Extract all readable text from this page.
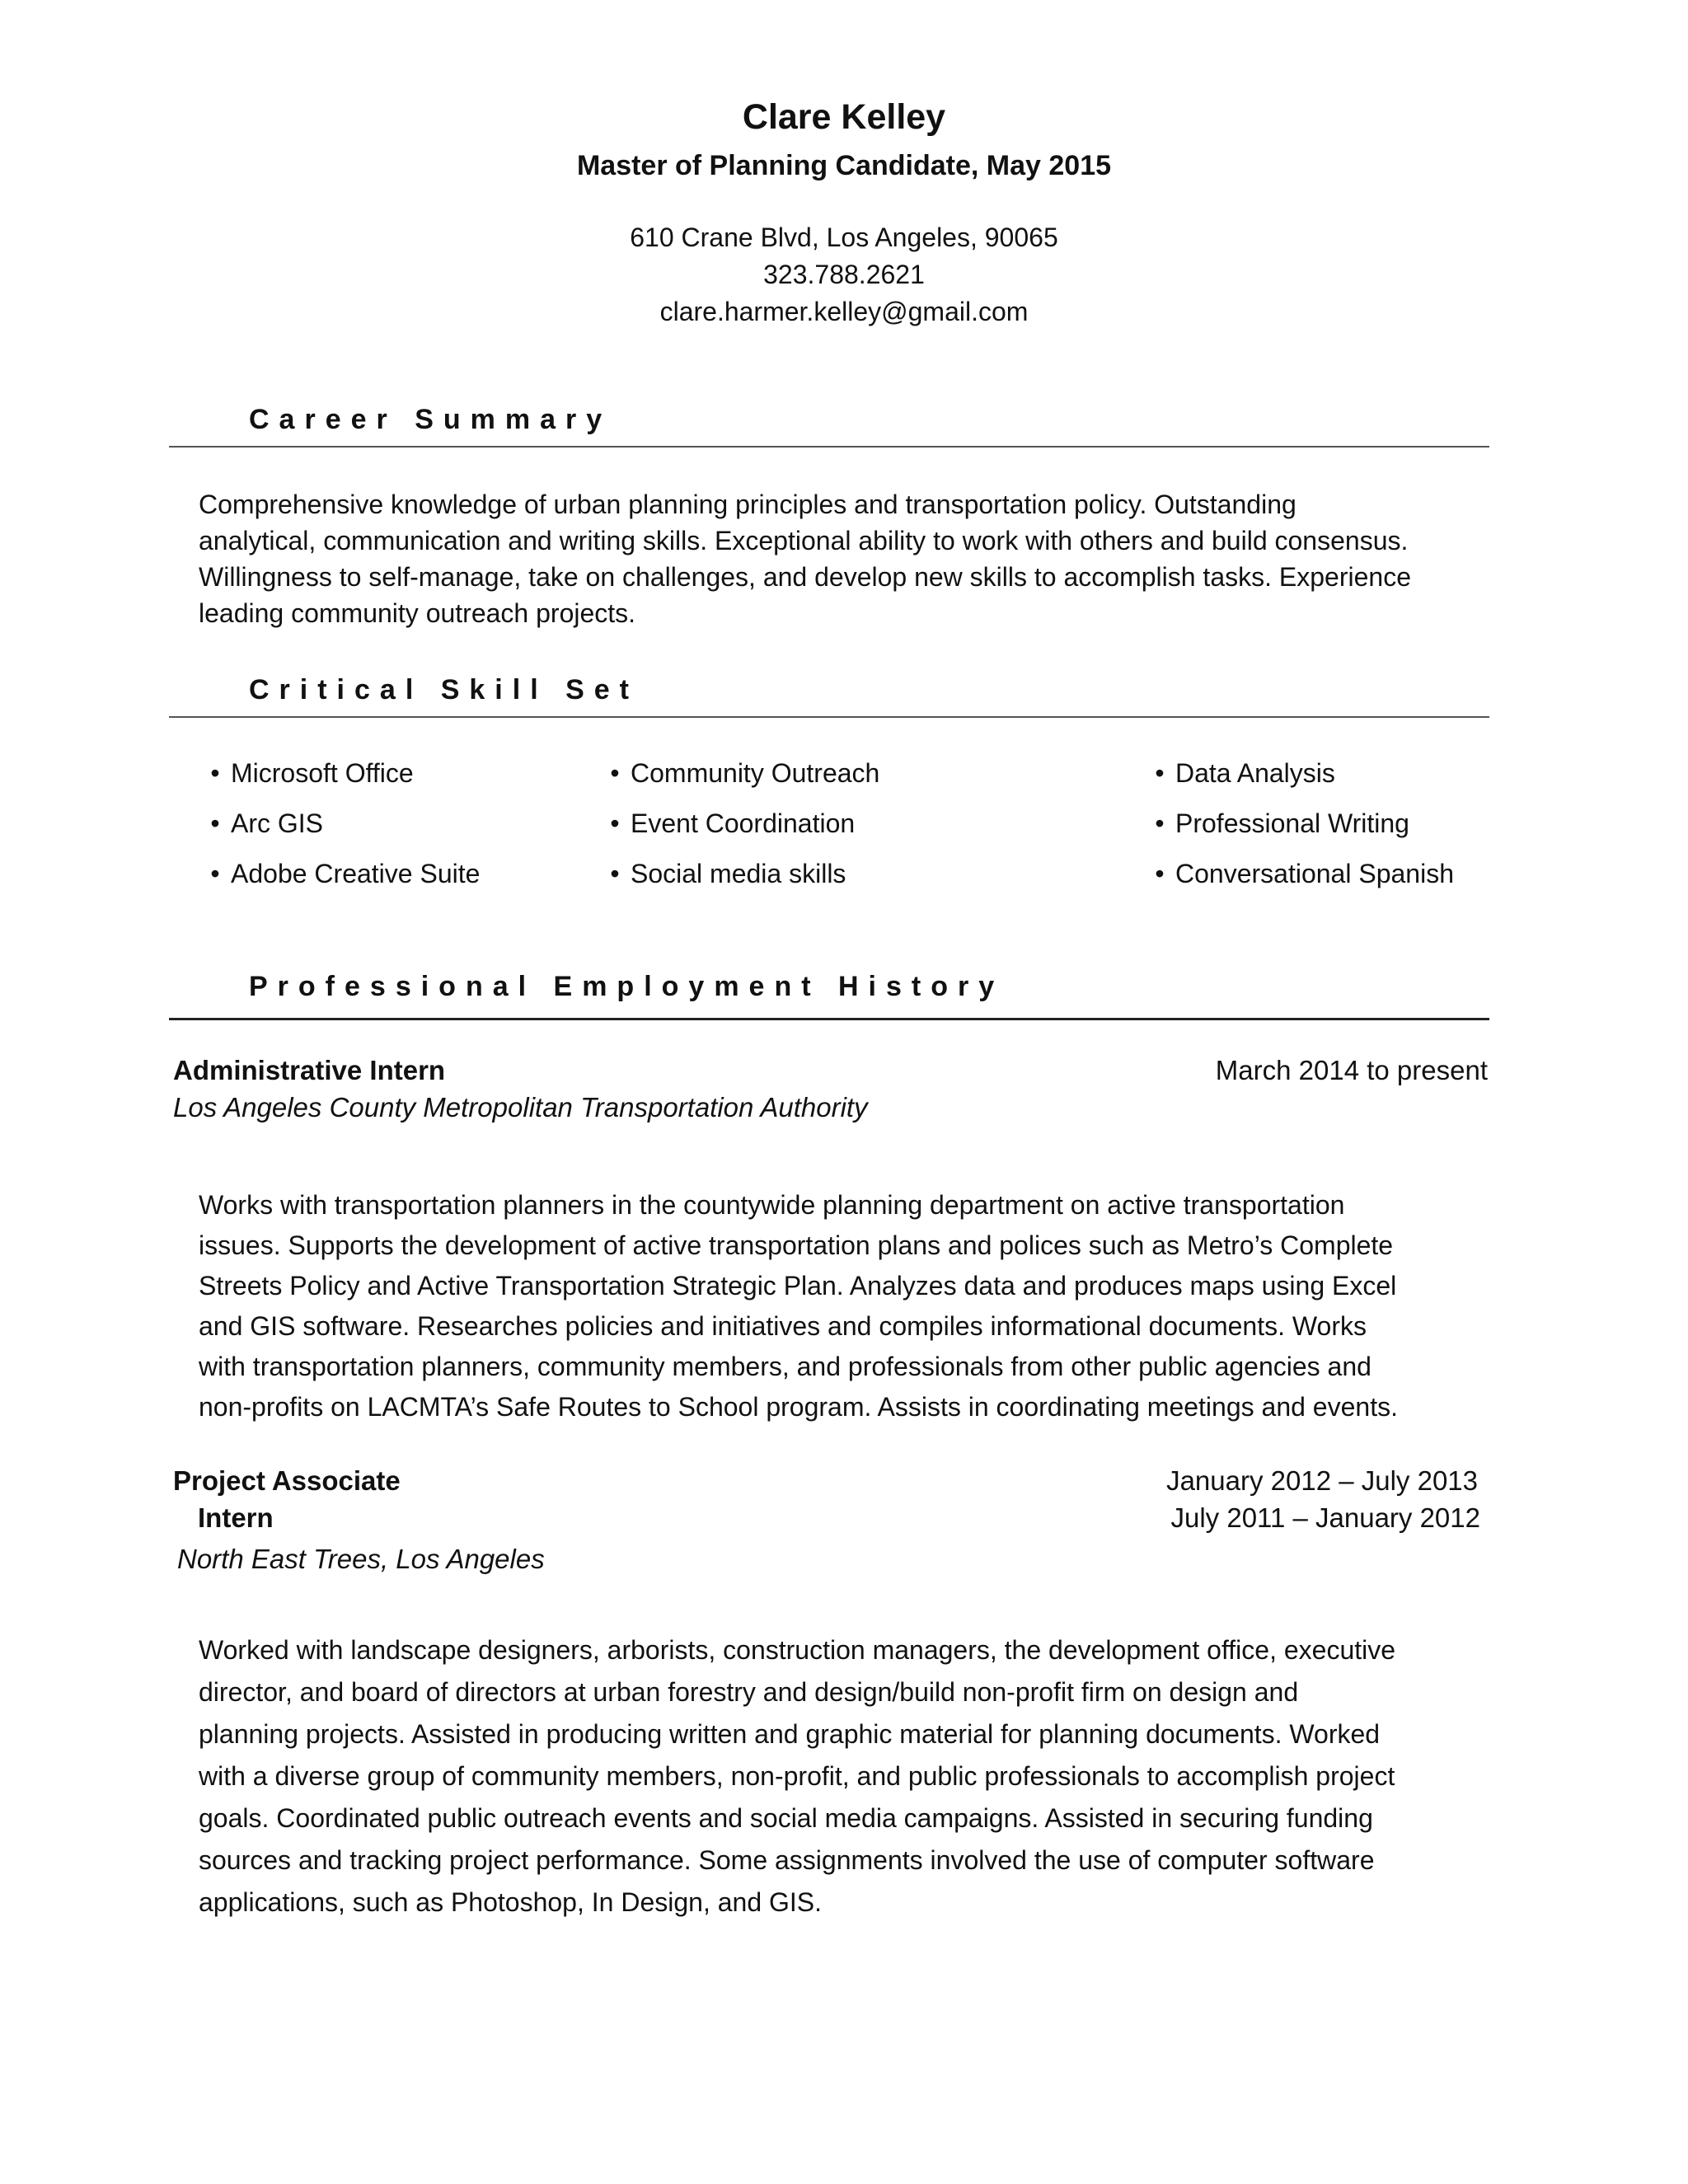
Clare Kelley
Master of Planning Candidate, May 2015
610 Crane Blvd, Los Angeles, 90065
323.788.2621
clare.harmer.kelley@gmail.com
Career Summary
Comprehensive knowledge of urban planning principles and transportation policy. Outstanding
analytical, communication and writing skills. Exceptional ability to work with others and build consensus.
Willingness to self-manage, take on challenges, and develop new skills to accomplish tasks. Experience
leading community outreach projects.
Critical Skill Set
• Microsoft Office
• Arc GIS
• Adobe Creative Suite
• Community Outreach
• Event Coordination
• Social media skills
• Data Analysis
• Professional Writing
• Conversational Spanish
Professional Employment History
Administrative Intern	March 2014 to present
Los Angeles County Metropolitan Transportation Authority
Works with transportation planners in the countywide planning department on active transportation
issues. Supports the development of active transportation plans and polices such as Metro’s Complete
Streets Policy and Active Transportation Strategic Plan. Analyzes data and produces maps using Excel
and GIS software. Researches policies and initiatives and compiles informational documents. Works
with transportation planners, community members, and professionals from other public agencies and
non-profits on LACMTA’s Safe Routes to School program. Assists in coordinating meetings and events.
Project Associate	January 2012 – July 2013
Intern	July 2011 – January 2012
North East Trees, Los Angeles
Worked with landscape designers, arborists, construction managers, the development office, executive
director, and board of directors at urban forestry and design/build non-profit firm on design and
planning projects. Assisted in producing written and graphic material for planning documents. Worked
with a diverse group of community members, non-profit, and public professionals to accomplish project
goals. Coordinated public outreach events and social media campaigns. Assisted in securing funding
sources and tracking project performance. Some assignments involved the use of computer software
applications, such as Photoshop, In Design, and GIS.
